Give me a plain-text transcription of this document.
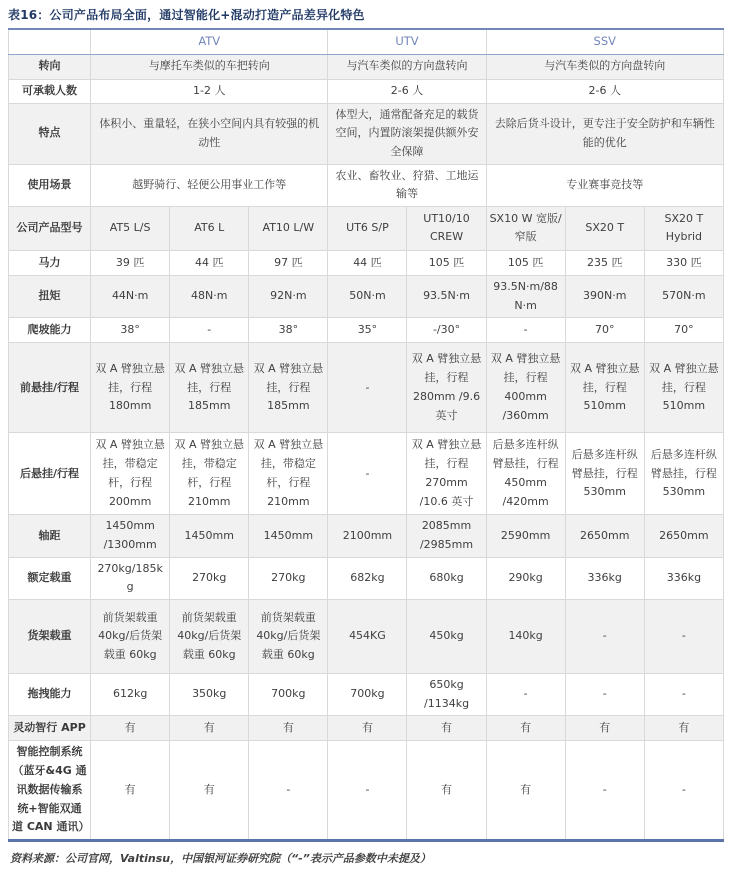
表16：公司产品布局全面，通过智能化+混动打造产品差异化特色
	ATV			UTV		SSV		
转向	与摩托车类似的车把转向			与汽车类似的方向盘转向		与汽车类似的方向盘转向		
可承载人数	1-2 人			2-6 人		2-6 人		
特点	体积小、重量轻，在狭小空间内具有较强的机动性			体型大，通常配备充足的载货空间，内置防滚架提供额外安全保障		去除后货斗设计，更专注于安全防护和车辆性能的优化		
使用场景	越野骑行、轻便公用事业工作等			农业、畜牧业、狩猎、工地运输等		专业赛事竞技等		
公司产品型号	AT5 L/S	AT6 L	AT10 L/W	UT6 S/P	UT10/10 CREW	SX10 W 宽版/窄版	SX20 T	SX20 T Hybrid
马力	39 匹	44 匹	97 匹	44 匹	105 匹	105 匹	235 匹	330 匹
扭矩	44N·m	48N·m	92N·m	50N·m	93.5N·m	93.5N·m/88N·m	390N·m	570N·m
爬坡能力	38°	-	38°	35°	-/30°	-	70°	70°
前悬挂/行程	双 A 臂独立悬挂，行程 180mm	双 A 臂独立悬挂，行程 185mm	双 A 臂独立悬挂，行程 185mm	-	双 A 臂独立悬挂，行程 280mm /9.6 英寸	双 A 臂独立悬挂，行程 400mm /360mm	双 A 臂独立悬挂，行程 510mm	双 A 臂独立悬挂，行程 510mm
后悬挂/行程	双 A 臂独立悬挂，带稳定杆，行程 200mm	双 A 臂独立悬挂，带稳定杆，行程 210mm	双 A 臂独立悬挂，带稳定杆，行程 210mm	-	双 A 臂独立悬挂，行程 270mm /10.6 英寸	后悬多连杆纵臂悬挂，行程 450mm /420mm	后悬多连杆纵臂悬挂，行程 530mm	后悬多连杆纵臂悬挂，行程 530mm
轴距	1450mm /1300mm	1450mm	1450mm	2100mm	2085mm /2985mm	2590mm	2650mm	2650mm
额定载重	270kg/185kg	270kg	270kg	682kg	680kg	290kg	336kg	336kg
货架载重	前货架载重 40kg/后货架载重 60kg	前货架载重 40kg/后货架载重 60kg	前货架载重 40kg/后货架载重 60kg	454KG	450kg	140kg	-	-
拖拽能力	612kg	350kg	700kg	700kg	650kg /1134kg	-	-	-
灵动智行 APP	有	有	有	有	有	有	有	有
智能控制系统（蓝牙&4G 通讯数据传输系统+智能双通道 CAN 通讯）	有	有	-	-	有	有	-	-
资料来源：公司官网，Valtinsu，中国银河证券研究院（“-”表示产品参数中未提及）
